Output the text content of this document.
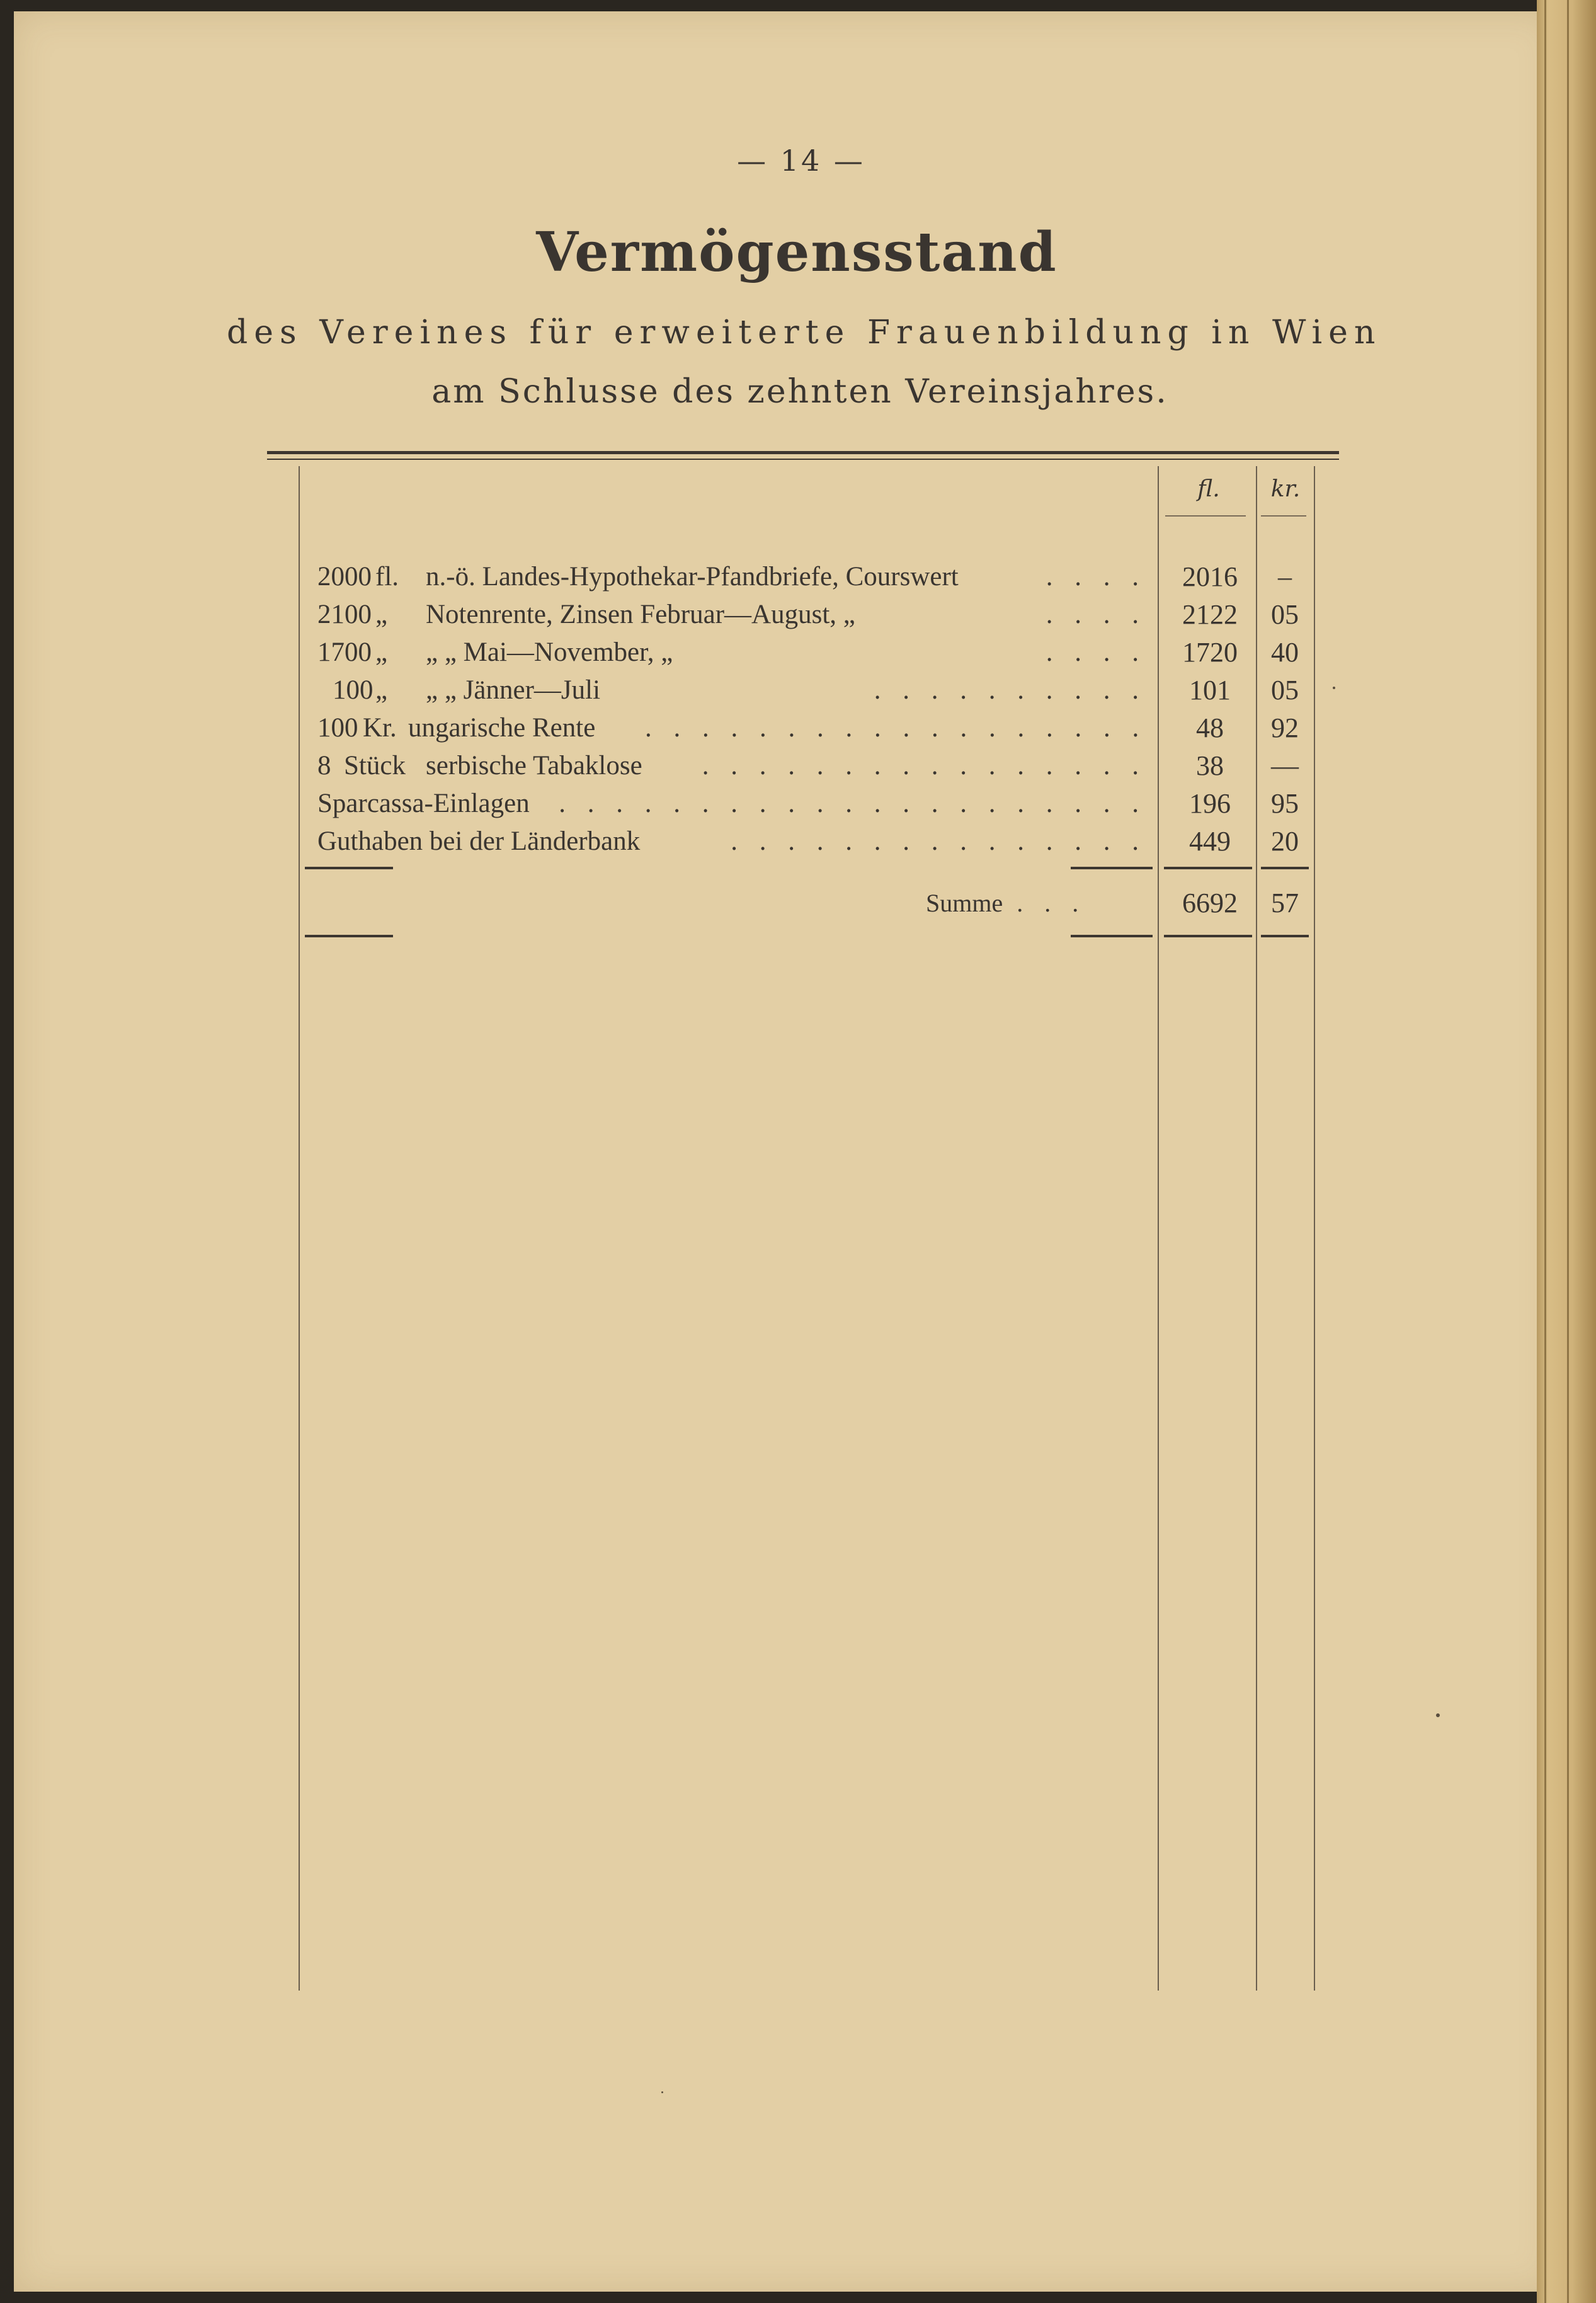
— 14 —
Vermögensstand
des Vereines für erweiterte Frauenbildung in Wien
am Schlusse des zehnten Vereinsjahres.
fl.	kr.
2000 fl. n.-ö. Landes-Hypothekar-Pfandbriefe, Courswert	. . . .	2016	–
2100 „ Notenrente, Zinsen Februar—August, „	. . . .	2122	05
1700 „ „ „ Mai—November, „	. . . .	1720	40
100„ „ „ Jänner—Juli	. . . . . . . . . .	101	05
100 Kr. ungarische Rente	. . . . . . . . . . . . . . . . . .	48	92
8 Stück serbische Tabaklose	. . . . . . . . . . . . . . . .	38	—
Sparcassa-Einlagen	. . . . . . . . . . . . . . . . . . . . .	196	95
Guthaben bei der Länderbank	. . . . . . . . . . . . . . .	449	20
Summe . . .	6692	57
